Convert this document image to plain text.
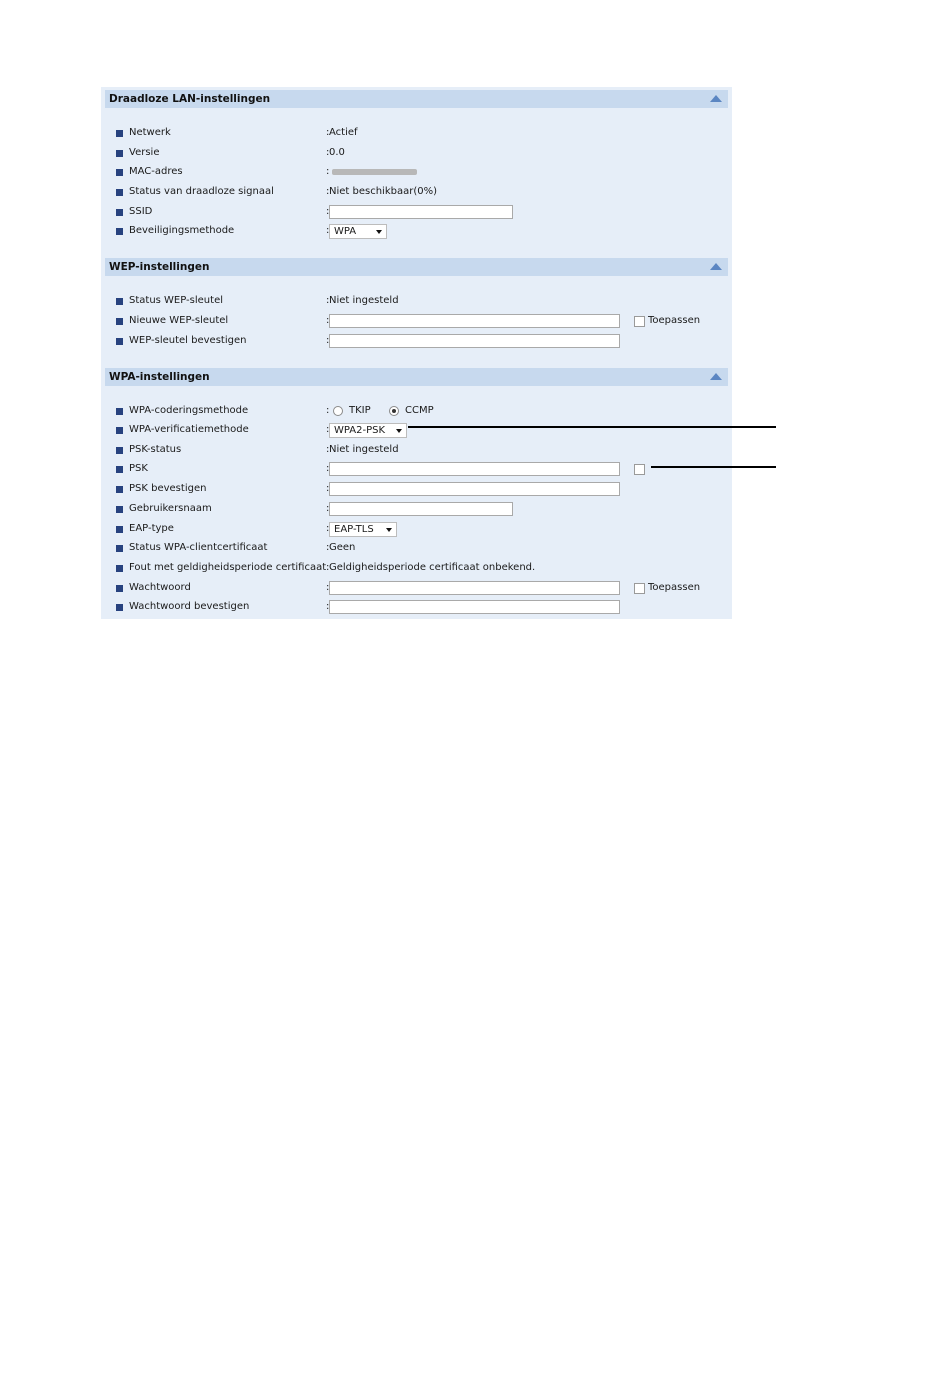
Draadloze LAN-instellingen
Netwerk	: Actief
Versie	: 0.0
MAC-adres	:
Status van draadloze signaal	: Niet beschikbaar(0%)
SSID	:
Beveiligingsmethode	: WPA
WEP-instellingen
Status WEP-sleutel	: Niet ingesteld
Nieuwe WEP-sleutel	:	Toepassen
WEP-sleutel bevestigen	:
WPA-instellingen
WPA-coderingsmethode	: TKIP	CCMP
WPA-verificatiemethode	: WPA2-PSK
PSK-status	: Niet ingesteld
PSK	:
PSK bevestigen	:
Gebruikersnaam	:
EAP-type	: EAP-TLS
Status WPA-clientcertificaat	: Geen
Fout met geldigheidsperiode certificaat : Geldigheidsperiode certificaat onbekend.
Wachtwoord	:	Toepassen
Wachtwoord bevestigen	:
